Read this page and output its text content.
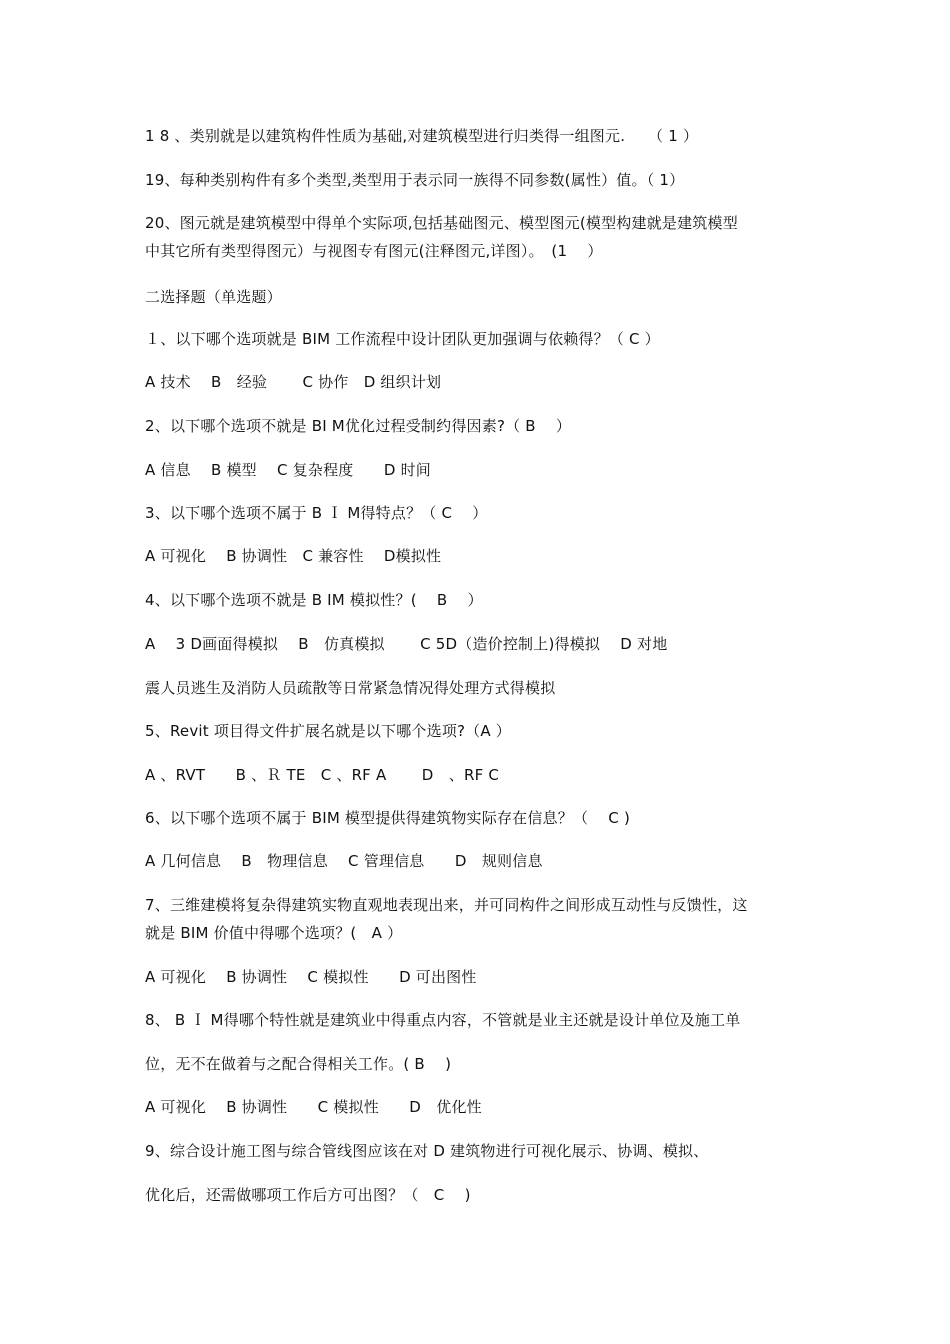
1 8 、类别就是以建筑构件性质为基础,对建筑模型进行归类得一组图元.　　（ 1 ）
19、每种类别构件有多个类型,类型用于表示同一族得不同参数(属性）值。（ 1）
20、图元就是建筑模型中得单个实际项,包括基础图元、模型图元(模型构建就是建筑模型
中其它所有类型得图元）与视图专有图元(注释图元,详图）。　(1　 ）
二选择题（单选题）
１、以下哪个选项就是 BIM 工作流程中设计团队更加强调与依赖得？（ C ）
A 技术　 B　经验　　 C 协作　D 组织计划
2、以下哪个选项不就是 BI M优化过程受制约得因素?（ B　 ）
A 信息　 B 模型　 C 复杂程度　　D 时间
3、以下哪个选项不属于 B Ｉ M得特点？（ C　 ）
A 可视化　 B 协调性　C 兼容性　 D模拟性
4、以下哪个选项不就是 B IM 模拟性？(　 B　 ）
A　 3 D画面得模拟　 B　仿真模拟　　 C 5D（造价控制上)得模拟　 D 对地
震人员逃生及消防人员疏散等日常紧急情况得处理方式得模拟
5、Revit 项目得文件扩展名就是以下哪个选项?（A ）
A 、RVT　　B 、Ｒ TE　C 、RF A　　 D　、RF C
6、以下哪个选项不属于 BIM 模型提供得建筑物实际存在信息？（　 C )
A 几何信息　 B　物理信息　 C 管理信息　　D　规则信息
7、三维建模将复杂得建筑实物直观地表现出来，并可同构件之间形成互动性与反馈性，这
就是 BIM 价值中得哪个选项？(　A ）
A 可视化　 B 协调性　 C 模拟性　　D 可出图性
8、 B Ｉ M得哪个特性就是建筑业中得重点内容，不管就是业主还就是设计单位及施工单
位，无不在做着与之配合得相关工作。( B　 )
A 可视化　 B 协调性　　C 模拟性　　D　优化性
9、综合设计施工图与综合管线图应该在对 D 建筑物进行可视化展示、协调、模拟、
优化后，还需做哪项工作后方可出图？（　C　 )
